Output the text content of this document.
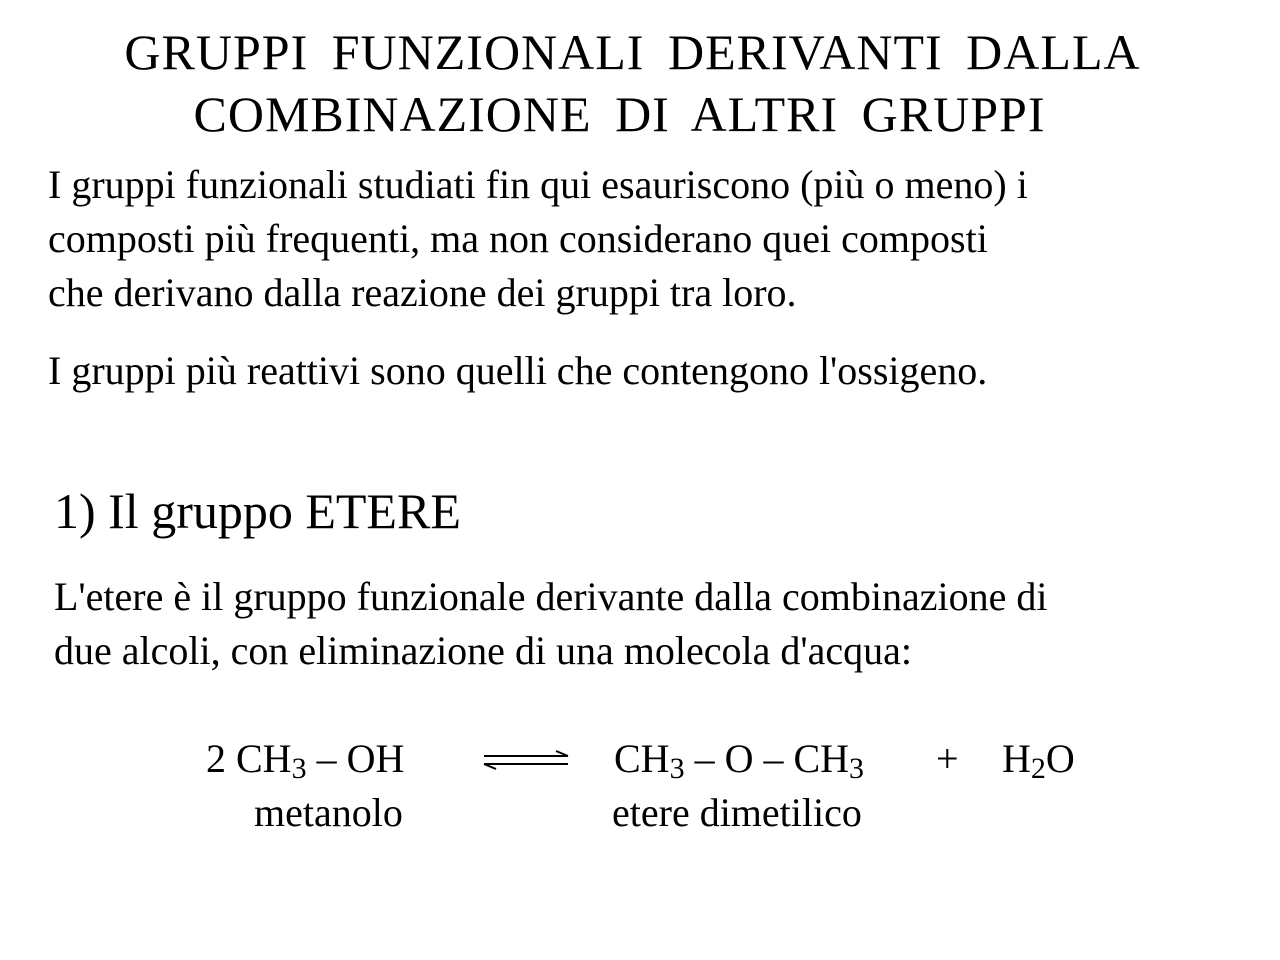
GRUPPI FUNZIONALI DERIVANTI DALLA
COMBINAZIONE DI ALTRI GRUPPI
I gruppi funzionali studiati fin qui esauriscono (più o meno) i
composti più frequenti, ma non considerano quei composti
che derivano dalla reazione dei gruppi tra loro.
I gruppi più reattivi sono quelli che contengono l'ossigeno.
1) Il gruppo ETERE
L'etere è il gruppo funzionale derivante dalla combinazione di
due alcoli, con eliminazione di una molecola d'acqua:
2 $CH_3$ – OH	$CH_3 - O - CH_3 + H_2O$
metanolo	etere dimetilico
